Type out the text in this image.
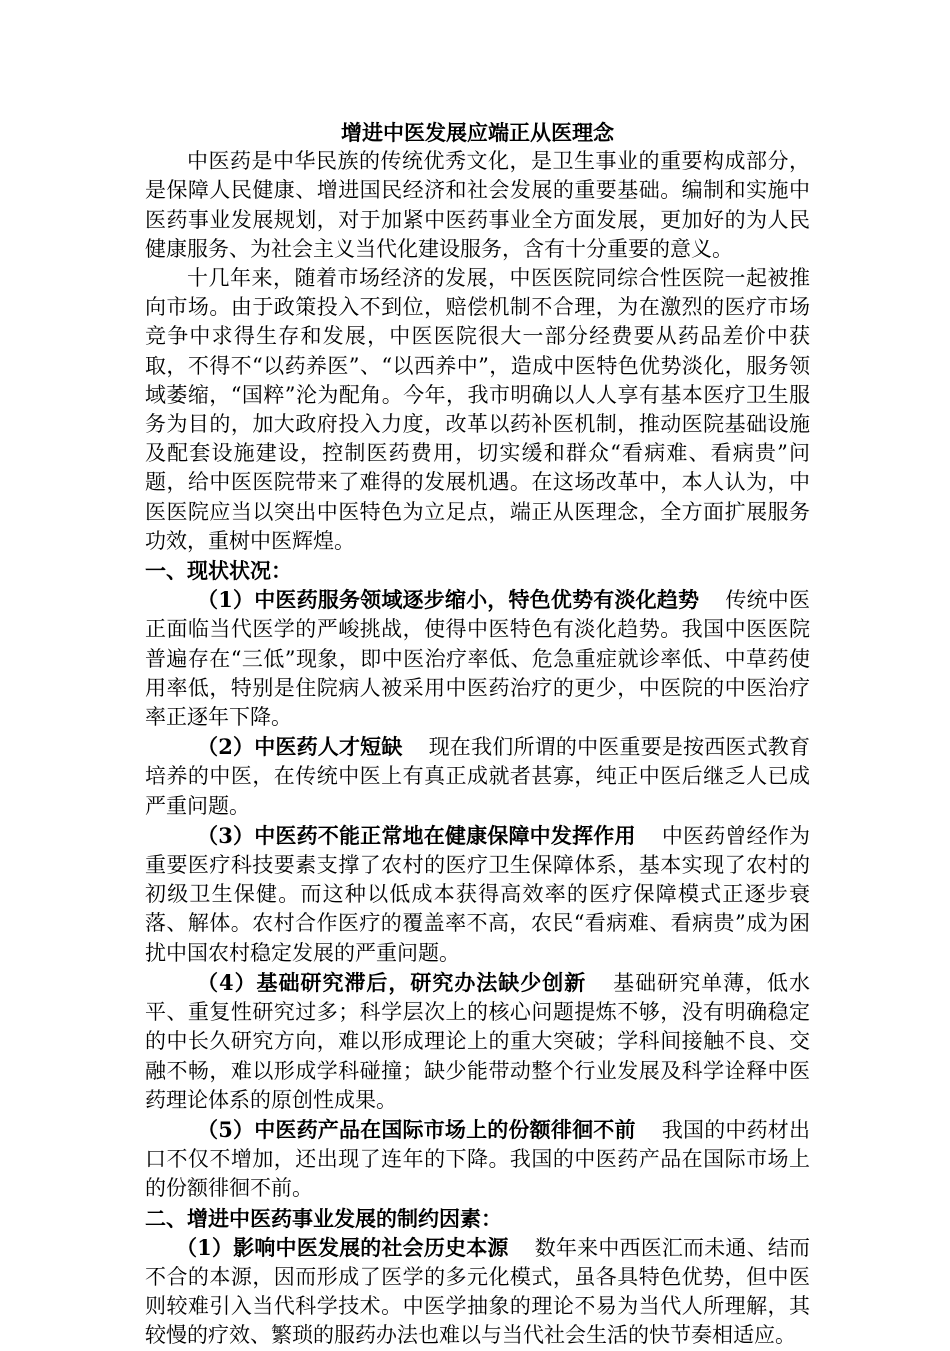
增进中医发展应端正从医理念

中医药是中华民族的传统优秀文化，是卫生事业的重要构成部分，是保障人民健康、增进国民经济和社会发展的重要基础。编制和实施中医药事业发展规划，对于加紧中医药事业全方面发展，更加好的为人民健康服务、为社会主义当代化建设服务，含有十分重要的意义。

十几年来，随着市场经济的发展，中医医院同综合性医院一起被推向市场。由于政策投入不到位，赔偿机制不合理，为在激烈的医疗市场竞争中求得生存和发展，中医医院很大一部分经费要从药品差价中获取，不得不“以药养医”、“以西养中”，造成中医特色优势淡化，服务领域萎缩，“国粹”沦为配角。今年，我市明确以人人享有基本医疗卫生服务为目的，加大政府投入力度，改革以药补医机制，推动医院基础设施及配套设施建设，控制医药费用，切实缓和群众“看病难、看病贵”问题，给中医医院带来了难得的发展机遇。在这场改革中，本人认为，中医医院应当以突出中医特色为立足点，端正从医理念，全方面扩展服务功效，重树中医辉煌。

一、现状状况：

（1）中医药服务领域逐步缩小，特色优势有淡化趋势 传统中医正面临当代医学的严峻挑战，使得中医特色有淡化趋势。我国中医医院普遍存在“三低”现象，即中医治疗率低、危急重症就诊率低、中草药使用率低，特别是住院病人被采用中医药治疗的更少，中医院的中医治疗率正逐年下降。

（2）中医药人才短缺 现在我们所谓的中医重要是按西医式教育培养的中医，在传统中医上有真正成就者甚寡，纯正中医后继乏人已成严重问题。

（3）中医药不能正常地在健康保障中发挥作用 中医药曾经作为重要医疗科技要素支撑了农村的医疗卫生保障体系，基本实现了农村的初级卫生保健。而这种以低成本获得高效率的医疗保障模式正逐步衰落、解体。农村合作医疗的覆盖率不高，农民“看病难、看病贵”成为困扰中国农村稳定发展的严重问题。

（4）基础研究滞后，研究办法缺少创新 基础研究单薄，低水平、重复性研究过多；科学层次上的核心问题提炼不够，没有明确稳定的中长久研究方向，难以形成理论上的重大突破；学科间接触不良、交融不畅，难以形成学科碰撞；缺少能带动整个行业发展及科学诠释中医药理论体系的原创性成果。

（5）中医药产品在国际市场上的份额徘徊不前 我国的中药材出口不仅不增加，还出现了连年的下降。我国的中医药产品在国际市场上的份额徘徊不前。

二、增进中医药事业发展的制约因素：

（1）影响中医发展的社会历史本源 数年来中西医汇而未通、结而不合的本源，因而形成了医学的多元化模式，虽各具特色优势，但中医则较难引入当代科学技术。中医学抽象的理论不易为当代人所理解，其较慢的疗效、繁琐的服药办法也难以与当代社会生活的快节奏相适应。
